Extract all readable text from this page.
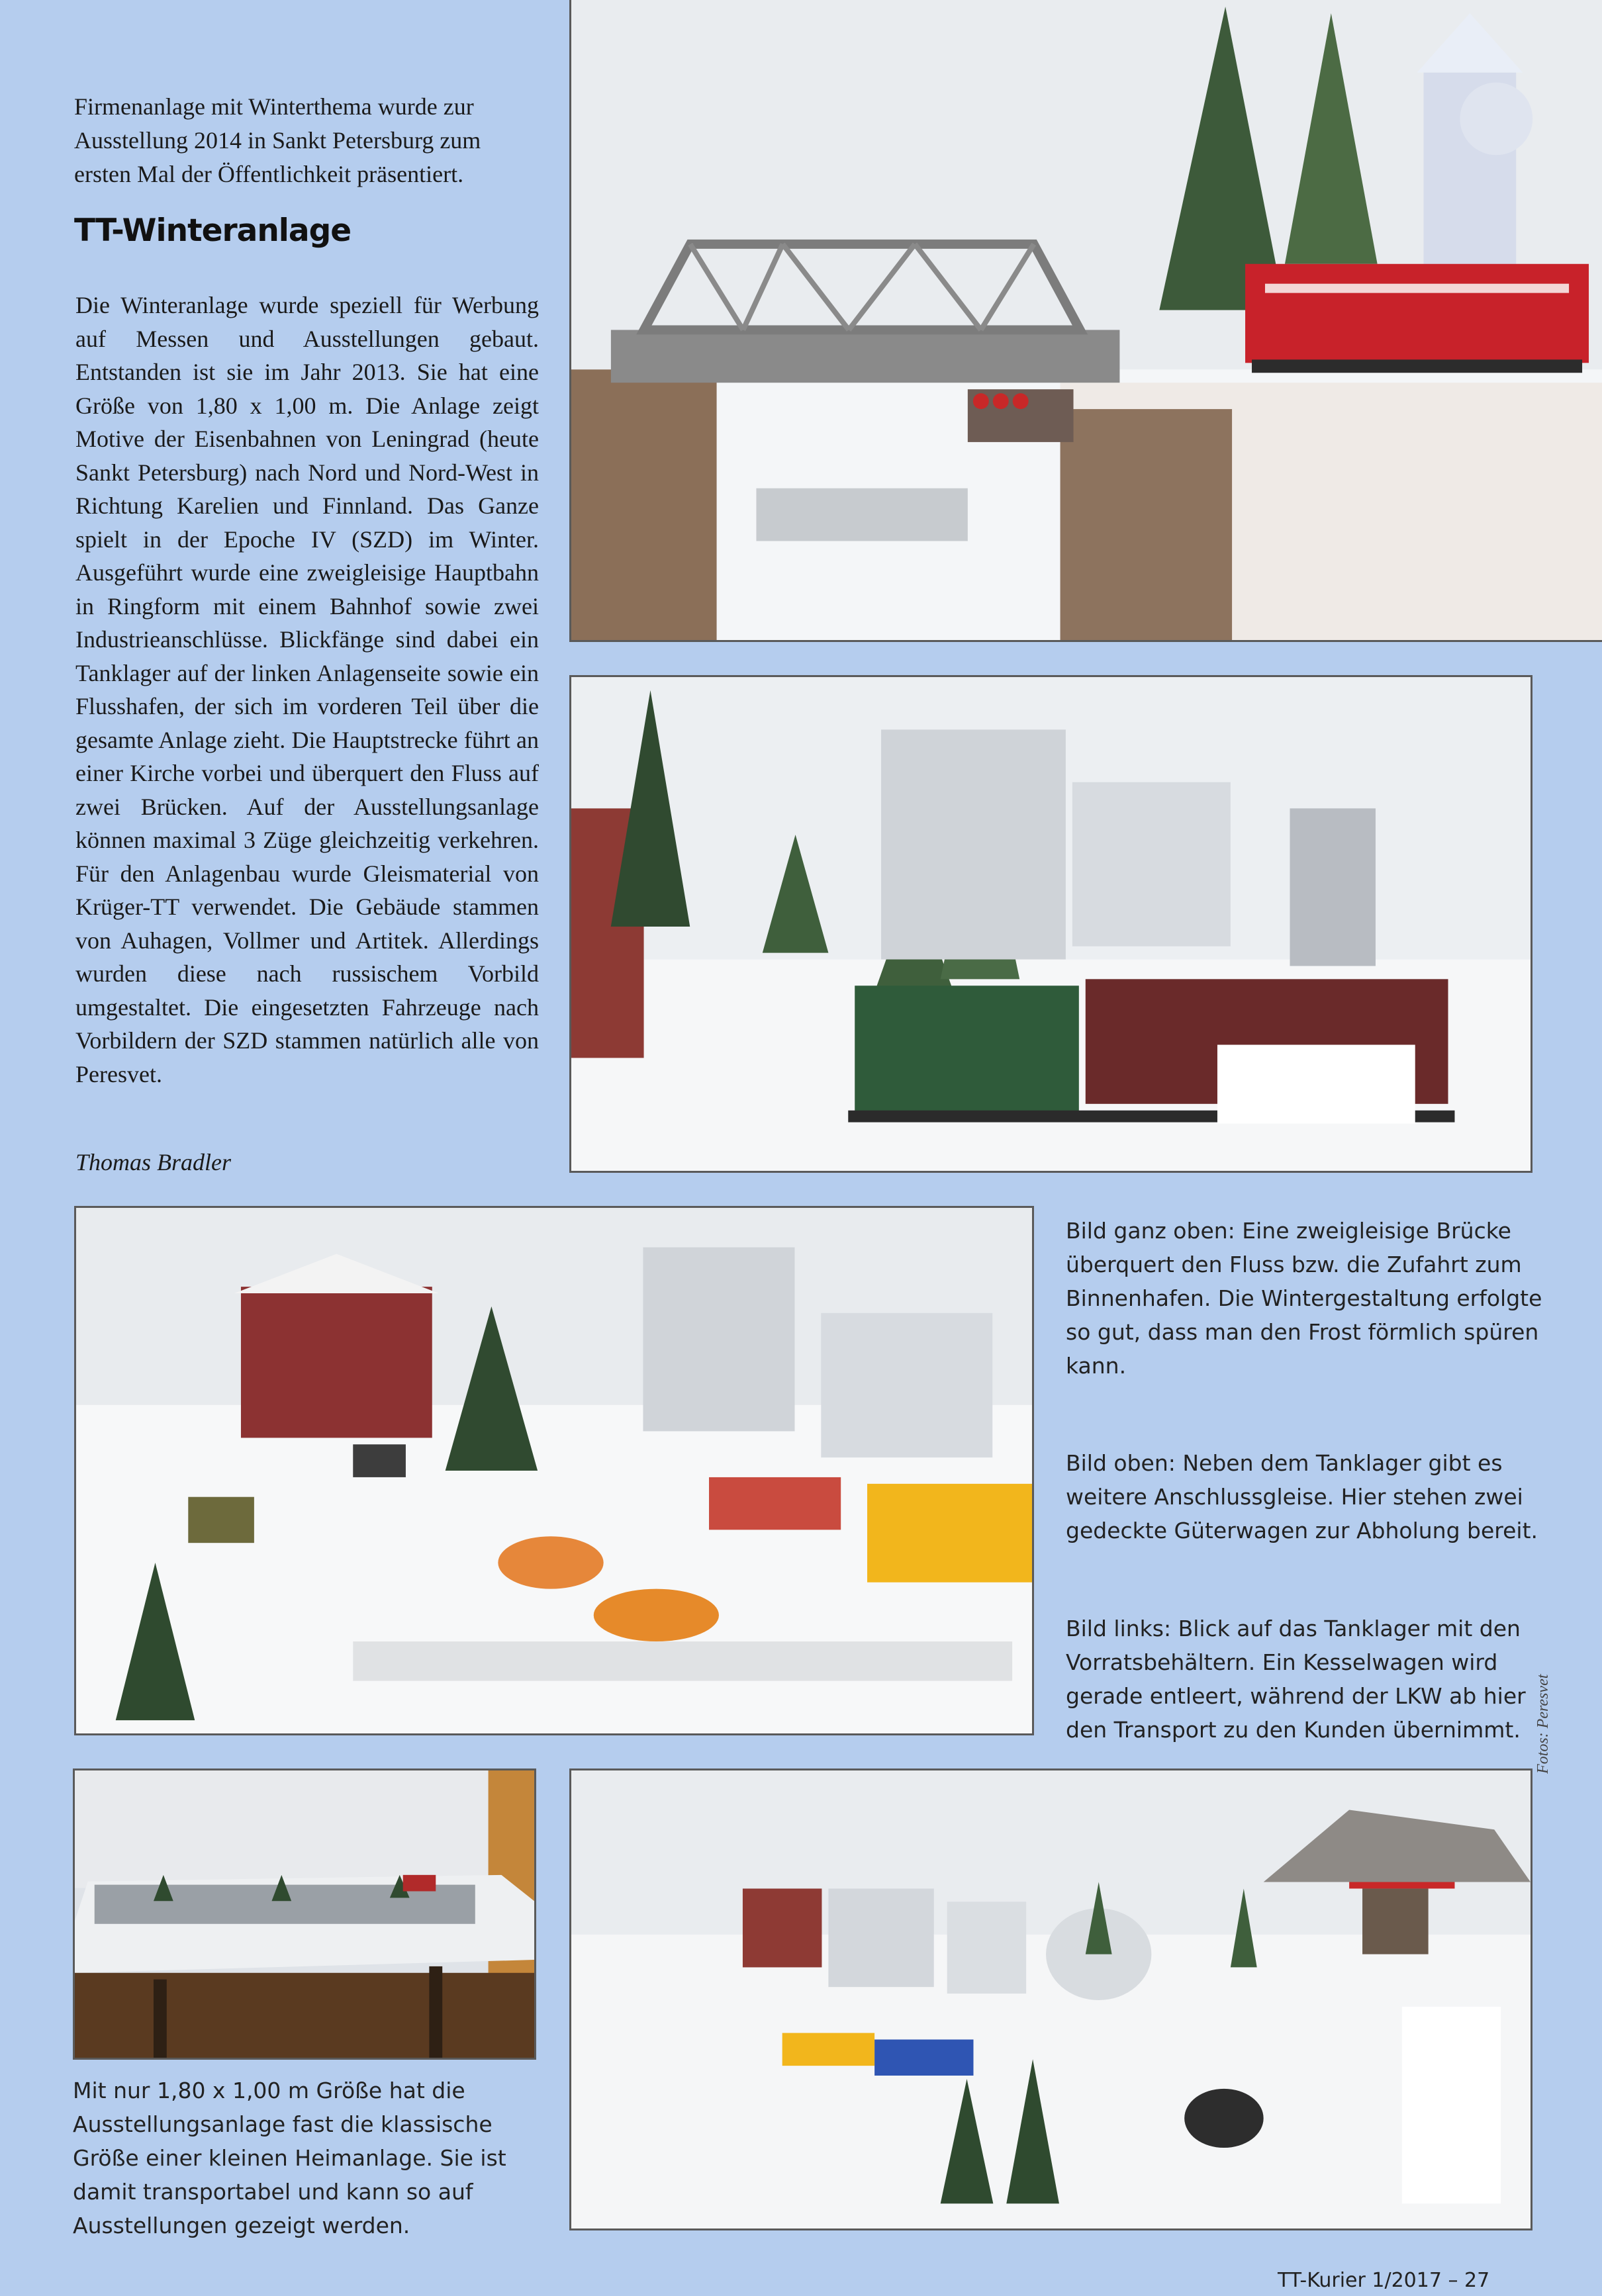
Firmenanlage mit Winterthema wurde zur Ausstellung 2014 in Sankt Petersburg zum ersten Mal der Öffentlichkeit präsentiert.

TT-Winteranlage

Die Winteranlage wurde speziell für Werbung auf Messen und Ausstellungen gebaut. Entstanden ist sie im Jahr 2013. Sie hat eine Größe von 1,80 x 1,00 m. Die Anlage zeigt Motive der Eisenbahnen von Leningrad (heute Sankt Petersburg) nach Nord und Nord-West in Richtung Karelien und Finnland. Das Ganze spielt in der Epoche IV (SZD) im Winter. Ausgeführt wurde eine zweigleisige Hauptbahn in Ringform mit einem Bahnhof sowie zwei Industrieanschlüsse. Blickfänge sind dabei ein Tanklager auf der linken Anlagenseite sowie ein Flusshafen, der sich im vorderen Teil über die gesamte Anlage zieht. Die Hauptstrecke führt an einer Kirche vorbei und überquert den Fluss auf zwei Brücken. Auf der Ausstellungsanlage können maximal 3 Züge gleichzeitig verkehren. Für den Anlagenbau wurde Gleismaterial von Krüger-TT verwendet. Die Gebäude stammen von Auhagen, Vollmer und Artitek. Allerdings wurden diese nach russischem Vorbild umgestaltet. Die eingesetzten Fahrzeuge nach Vorbildern der SZD stammen natürlich alle von Peresvet.

Thomas Bradler

Bild ganz oben: Eine zweigleisige Brücke überquert den Fluss bzw. die Zufahrt zum Binnenhafen. Die Wintergestaltung erfolgte so gut, dass man den Frost förmlich spüren kann.

Bild oben: Neben dem Tanklager gibt es weitere Anschlussgleise. Hier stehen zwei gedeckte Güterwagen zur Abholung bereit.

Bild links: Blick auf das Tanklager mit den Vorratsbehältern. Ein Kesselwagen wird gerade entleert, während der LKW ab hier den Transport zu den Kunden übernimmt.

Mit nur 1,80 x 1,00 m Größe hat die Ausstellungsanlage fast die klassische Größe einer kleinen Heimanlage. Sie ist damit transportabel und kann so auf Ausstellungen gezeigt werden.

Fotos: Peresvet
TT-Kurier 1/2017 – 27
